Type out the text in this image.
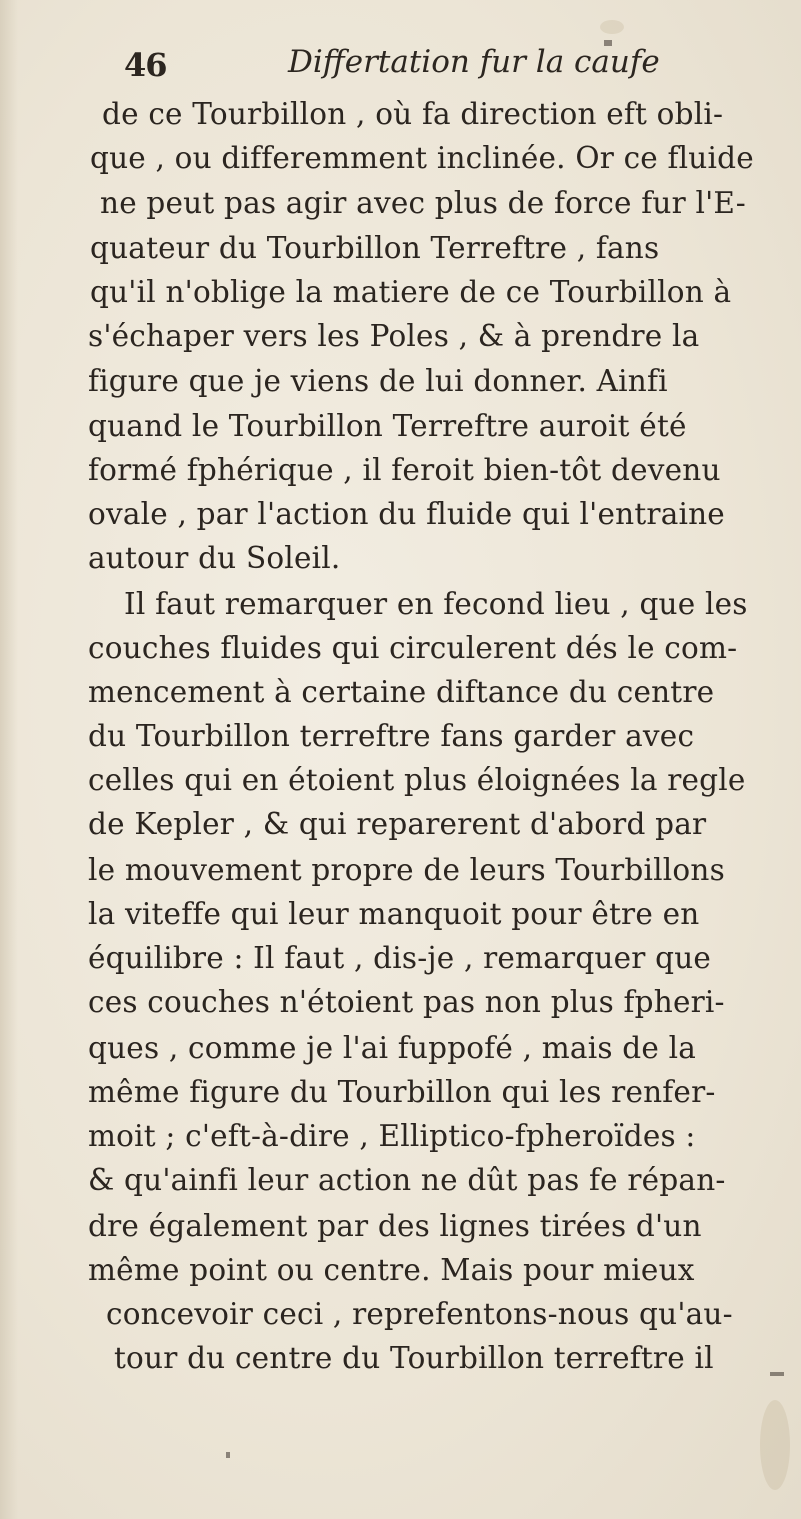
46	Differtation fur la caufe
de ce Tourbillon , où fa direction eft obli-
que , ou differemment inclinée. Or ce fluide
ne peut pas agir avec plus de force fur l'E-
quateur du Tourbillon Terreftre , fans
qu'il n'oblige la matiere de ce Tourbillon à
s'échaper vers les Poles , & à prendre la
figure que je viens de lui donner. Ainfi
quand le Tourbillon Terreftre auroit été
formé fphérique , il feroit bien-tôt devenu
ovale , par l'action du fluide qui l'entraine
autour du Soleil.
Il faut remarquer en fecond lieu , que les
couches fluides qui circulerent dés le com-
mencement à certaine diftance du centre
du Tourbillon terreftre fans garder avec
celles qui en étoient plus éloignées la regle
de Kepler , & qui reparerent d'abord par
le mouvement propre de leurs Tourbillons
la viteffe qui leur manquoit pour être en
équilibre : Il faut , dis-je , remarquer que
ces couches n'étoient pas non plus fpheri-
ques , comme je l'ai fuppofé , mais de la
même figure du Tourbillon qui les renfer-
moit ; c'eft-à-dire , Elliptico-fpheroïdes :
& qu'ainfi leur action ne dût pas fe répan-
dre également par des lignes tirées d'un
même point ou centre. Mais pour mieux
concevoir ceci , reprefentons-nous qu'au-
tour du centre du Tourbillon terreftre il
